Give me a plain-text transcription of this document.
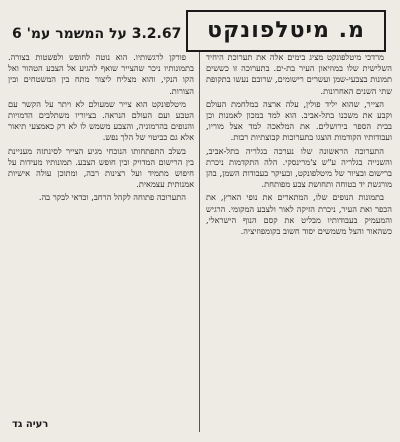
מ. מיטלפונקט
3.2.67 על המשמר עמ' 6

מרדכי מיטלפונקט מציג בימים אלה את תערוכת היחיד השלישית שלו במוזיאון העיר בת-ים. בתערוכה זו כששים תמונות בצבעי-שמן ועשרים רישומים, שרובם נעשו בתקופת שתי השנים האחרונות.

הצייר, שהוא יליד פולין, עלה ארצה במלחמת העולם וקבע את משכנו בתל-אביב. הוא למד במכון לאמנות וכן בבית הספר בירושלים. את המלאכה למד אצל מוריו, ועבודותיו הקודמות הוצגו בתערוכות קבוצתיות רבות.

התערוכה הראשונה שלו נערכה בגלריה בתל-אביב, והשנייה בגלריה ע"ש צ'מרינסקי. הלה התקדמות ניכרת ברישום ובציור של מיטלפונקט, ובעיקר בעבודות השמן, בהן מורגשת יד בטוחה ותחושת צבע מפותחת.

בתמונות הנופים שלו, המתארים את נופי הארץ, את הכפר ואת העיר, ניכרת הזיקה לאור ולצבע המקומי. הרגיש והמעמיק בעבודותיו מבליט את קסם הנוף הישראלי, כשהאור והצל משמשים יסוד חשוב בקומפוזיציה.

פורקן לרגשותיו. הוא נוטה לחופש ולפשטות בצורה. בתמונותיו ניכר שהצייר שואף להגיע אל הצבע הטהור ואל הקו הנקי, והוא מצליח ליצור מתח בין המשטחים ובין הצורות.

מיטלפונקט הוא צייר שמעולם לא ויתר על הקשר עם הטבע ועם העולם הנראה. בציוריו משתלבים הדמויות והנופים בהרמוניה, והצבע משמש לו לא רק כאמצעי תיאור אלא גם כביטוי של הלך נפש.

בשלב התפתחותו הנוכחי מגיע הצייר לסינתזה מעניינת בין הרישום המדויק ובין חופש הצבע. תמונותיו מעידות על חיפוש מתמיד ועל רצינות רבה, ומתוכן עולה אישיות אמנותית עצמאית.

התערוכה פתוחה לקהל הרחב, וכדאי לבקר בה.

רעיה גד
